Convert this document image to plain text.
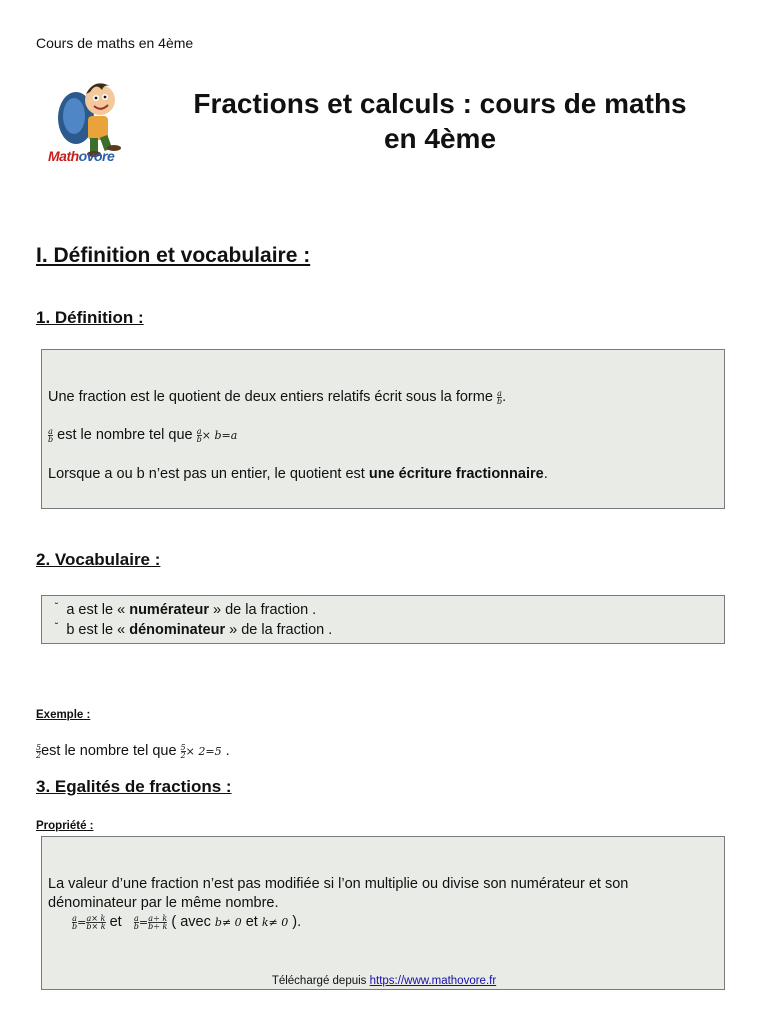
Cours de maths en 4ème
Mathovore
Fractions et calculs : cours de maths
en 4ème
I. Définition et vocabulaire :
1. Définition :
Une fraction est le quotient de deux entiers relatifs écrit sous la forme $\frac{a}{b}$ .
$\frac{a}{b}$ est le nombre tel que $\frac{a}{b} \times b=a$
Lorsque a ou b n’est pas un entier, le quotient est une écriture fractionnaire.
2. Vocabulaire :
˘ a est le « numérateur » de la fraction .
˘ b est le « dénominateur » de la fraction .
Exemple :
$\frac{5}{2}$ est le nombre tel que $\frac{5}{2} \times 2=5$ .
3. Egalités de fractions :
Propriété :
La valeur d’une fraction n’est pas modifiée si l’on multiplie ou divise son numérateur et son
dénominateur par le même nombre.
$\frac{a}{b} = \frac{a\times k}{b\times k}$ et $\frac{a}{b} = \frac{a\div k}{b\div k}$ ( avec b≠ 0 et k≠ 0 ).
Téléchargé depuis https://www.mathovore.fr
